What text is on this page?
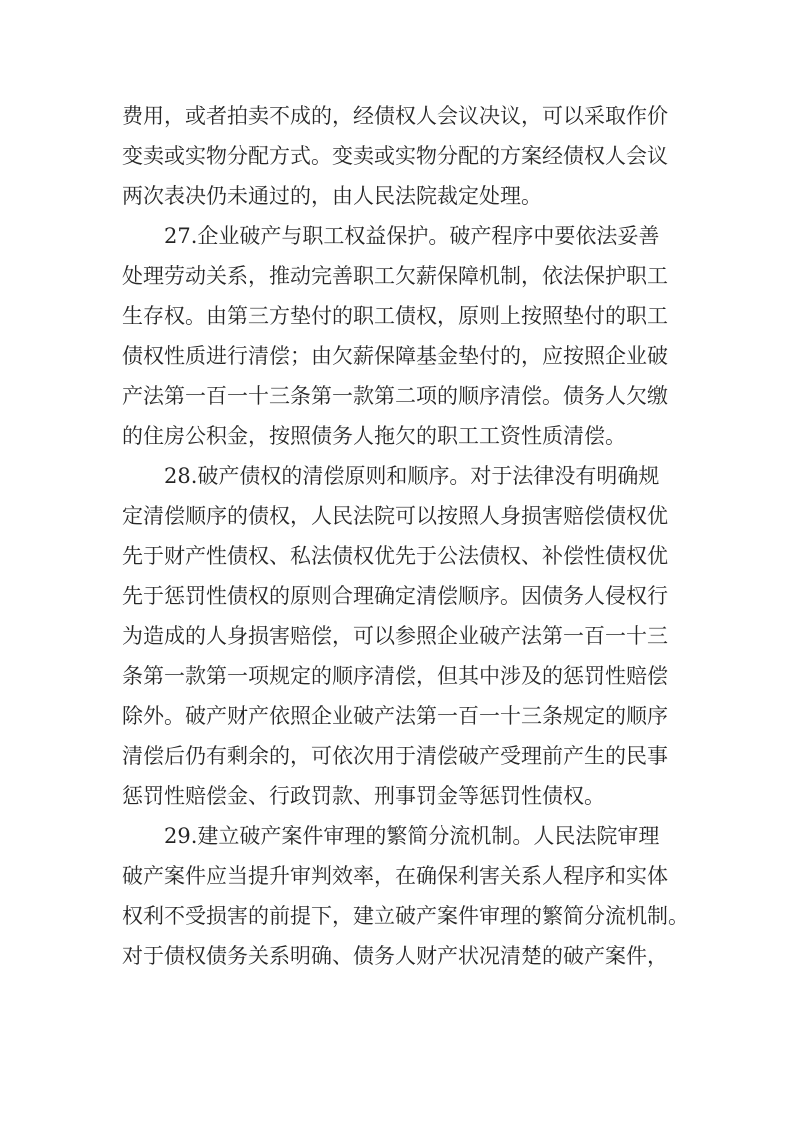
费用，或者拍卖不成的，经债权人会议决议，可以采取作价
变卖或实物分配方式。变卖或实物分配的方案经债权人会议
两次表决仍未通过的，由人民法院裁定处理。
27.企业破产与职工权益保护。破产程序中要依法妥善
处理劳动关系，推动完善职工欠薪保障机制，依法保护职工
生存权。由第三方垫付的职工债权，原则上按照垫付的职工
债权性质进行清偿；由欠薪保障基金垫付的，应按照企业破
产法第一百一十三条第一款第二项的顺序清偿。债务人欠缴
的住房公积金，按照债务人拖欠的职工工资性质清偿。
28.破产债权的清偿原则和顺序。对于法律没有明确规
定清偿顺序的债权，人民法院可以按照人身损害赔偿债权优
先于财产性债权、私法债权优先于公法债权、补偿性债权优
先于惩罚性债权的原则合理确定清偿顺序。因债务人侵权行
为造成的人身损害赔偿，可以参照企业破产法第一百一十三
条第一款第一项规定的顺序清偿，但其中涉及的惩罚性赔偿
除外。破产财产依照企业破产法第一百一十三条规定的顺序
清偿后仍有剩余的，可依次用于清偿破产受理前产生的民事
惩罚性赔偿金、行政罚款、刑事罚金等惩罚性债权。
29.建立破产案件审理的繁简分流机制。人民法院审理
破产案件应当提升审判效率，在确保利害关系人程序和实体
权利不受损害的前提下，建立破产案件审理的繁简分流机制。
对于债权债务关系明确、债务人财产状况清楚的破产案件，
